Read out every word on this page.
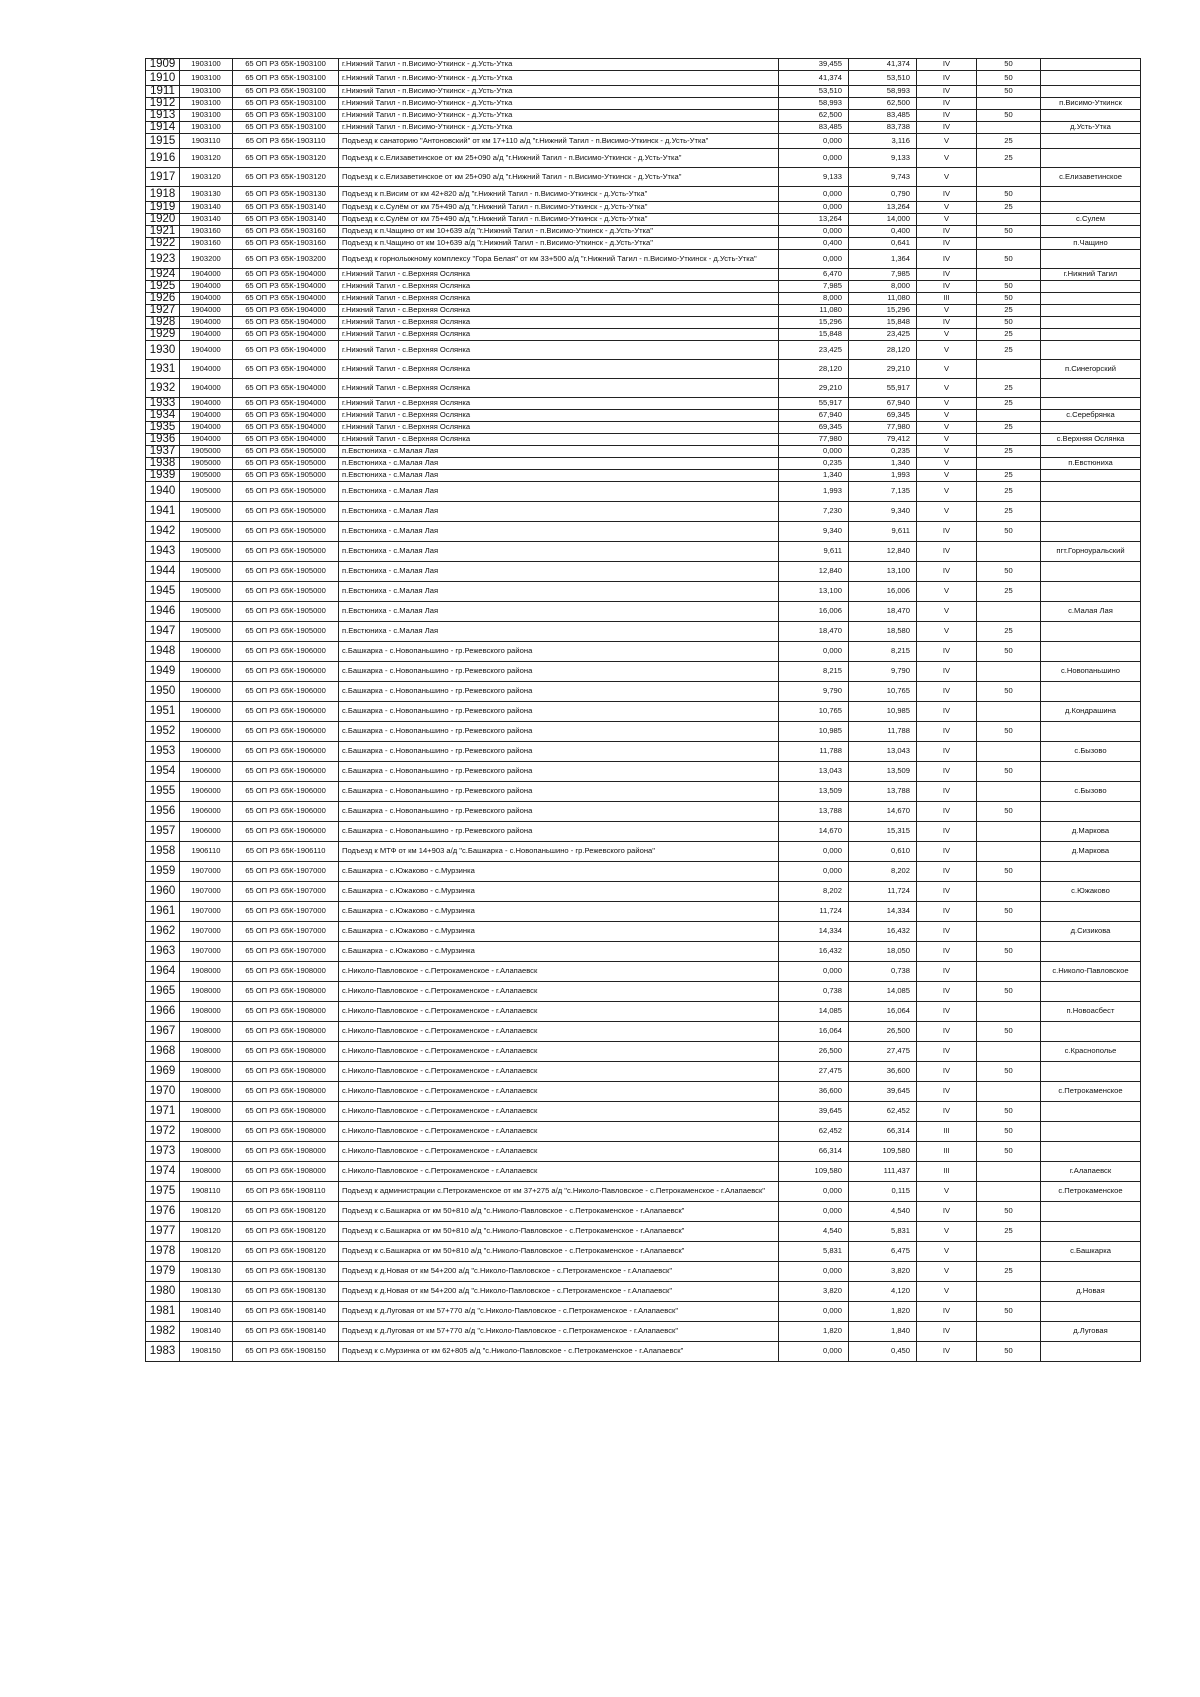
1909	1903100	65 ОП РЗ 65К-1903100	г.Нижний Тагил - п.Висимо-Уткинск - д.Усть-Утка	39,455	41,374	IV	50	
1910	1903100	65 ОП РЗ 65К-1903100	г.Нижний Тагил - п.Висимо-Уткинск - д.Усть-Утка	41,374	53,510	IV	50	
1911	1903100	65 ОП РЗ 65К-1903100	г.Нижний Тагил - п.Висимо-Уткинск - д.Усть-Утка	53,510	58,993	IV	50	
1912	1903100	65 ОП РЗ 65К-1903100	г.Нижний Тагил - п.Висимо-Уткинск - д.Усть-Утка	58,993	62,500	IV		п.Висимо-Уткинск
1913	1903100	65 ОП РЗ 65К-1903100	г.Нижний Тагил - п.Висимо-Уткинск - д.Усть-Утка	62,500	83,485	IV	50	
1914	1903100	65 ОП РЗ 65К-1903100	г.Нижний Тагил - п.Висимо-Уткинск - д.Усть-Утка	83,485	83,738	IV		д.Усть-Утка
1915	1903110	65 ОП РЗ 65К-1903110	Подъезд к санаторию "Антоновский" от км 17+110 а/д "г.Нижний Тагил - п.Висимо-Уткинск - д.Усть-Утка"	0,000	3,116	V	25	
1916	1903120	65 ОП РЗ 65К-1903120	Подъезд к с.Елизаветинское от км 25+090 а/д "г.Нижний Тагил - п.Висимо-Уткинск - д.Усть-Утка"	0,000	9,133	V	25	
1917	1903120	65 ОП РЗ 65К-1903120	Подъезд к с.Елизаветинское от км 25+090 а/д "г.Нижний Тагил - п.Висимо-Уткинск - д.Усть-Утка"	9,133	9,743	V		с.Елизаветинское
1918	1903130	65 ОП РЗ 65К-1903130	Подъезд к п.Висим от км 42+820 а/д "г.Нижний Тагил - п.Висимо-Уткинск - д.Усть-Утка"	0,000	0,790	IV	50	
1919	1903140	65 ОП РЗ 65К-1903140	Подъезд к с.Сулём от км 75+490 а/д "г.Нижний Тагил - п.Висимо-Уткинск - д.Усть-Утка"	0,000	13,264	V	25	
1920	1903140	65 ОП РЗ 65К-1903140	Подъезд к с.Сулём от км 75+490 а/д "г.Нижний Тагил - п.Висимо-Уткинск - д.Усть-Утка"	13,264	14,000	V		с.Сулем
1921	1903160	65 ОП РЗ 65К-1903160	Подъезд к п.Чащино от км 10+639 а/д "г.Нижний Тагил - п.Висимо-Уткинск - д.Усть-Утка"	0,000	0,400	IV	50	
1922	1903160	65 ОП РЗ 65К-1903160	Подъезд к п.Чащино от км 10+639 а/д "г.Нижний Тагил - п.Висимо-Уткинск - д.Усть-Утка"	0,400	0,641	IV		п.Чащино
1923	1903200	65 ОП РЗ 65К-1903200	Подъезд к горнолыжному комплексу "Гора Белая" от км 33+500 а/д "г.Нижний Тагил - п.Висимо-Уткинск - д.Усть-Утка"	0,000	1,364	IV	50	
1924	1904000	65 ОП РЗ 65К-1904000	г.Нижний Тагил - с.Верхняя Ослянка	6,470	7,985	IV		г.Нижний Тагил
1925	1904000	65 ОП РЗ 65К-1904000	г.Нижний Тагил - с.Верхняя Ослянка	7,985	8,000	IV	50	
1926	1904000	65 ОП РЗ 65К-1904000	г.Нижний Тагил - с.Верхняя Ослянка	8,000	11,080	III	50	
1927	1904000	65 ОП РЗ 65К-1904000	г.Нижний Тагил - с.Верхняя Ослянка	11,080	15,296	V	25	
1928	1904000	65 ОП РЗ 65К-1904000	г.Нижний Тагил - с.Верхняя Ослянка	15,296	15,848	IV	50	
1929	1904000	65 ОП РЗ 65К-1904000	г.Нижний Тагил - с.Верхняя Ослянка	15,848	23,425	V	25	
1930	1904000	65 ОП РЗ 65К-1904000	г.Нижний Тагил - с.Верхняя Ослянка	23,425	28,120	V	25	
1931	1904000	65 ОП РЗ 65К-1904000	г.Нижний Тагил - с.Верхняя Ослянка	28,120	29,210	V		п.Синегорский
1932	1904000	65 ОП РЗ 65К-1904000	г.Нижний Тагил - с.Верхняя Ослянка	29,210	55,917	V	25	
1933	1904000	65 ОП РЗ 65К-1904000	г.Нижний Тагил - с.Верхняя Ослянка	55,917	67,940	V	25	
1934	1904000	65 ОП РЗ 65К-1904000	г.Нижний Тагил - с.Верхняя Ослянка	67,940	69,345	V		с.Серебрянка
1935	1904000	65 ОП РЗ 65К-1904000	г.Нижний Тагил - с.Верхняя Ослянка	69,345	77,980	V	25	
1936	1904000	65 ОП РЗ 65К-1904000	г.Нижний Тагил - с.Верхняя Ослянка	77,980	79,412	V		с.Верхняя Ослянка
1937	1905000	65 ОП РЗ 65К-1905000	п.Евстюниха - с.Малая Лая	0,000	0,235	V	25	
1938	1905000	65 ОП РЗ 65К-1905000	п.Евстюниха - с.Малая Лая	0,235	1,340	V		п.Евстюниха
1939	1905000	65 ОП РЗ 65К-1905000	п.Евстюниха - с.Малая Лая	1,340	1,993	V	25	
1940	1905000	65 ОП РЗ 65К-1905000	п.Евстюниха - с.Малая Лая	1,993	7,135	V	25	
1941	1905000	65 ОП РЗ 65К-1905000	п.Евстюниха - с.Малая Лая	7,230	9,340	V	25	
1942	1905000	65 ОП РЗ 65К-1905000	п.Евстюниха - с.Малая Лая	9,340	9,611	IV	50	
1943	1905000	65 ОП РЗ 65К-1905000	п.Евстюниха - с.Малая Лая	9,611	12,840	IV		пгт.Горноуральский
1944	1905000	65 ОП РЗ 65К-1905000	п.Евстюниха - с.Малая Лая	12,840	13,100	IV	50	
1945	1905000	65 ОП РЗ 65К-1905000	п.Евстюниха - с.Малая Лая	13,100	16,006	V	25	
1946	1905000	65 ОП РЗ 65К-1905000	п.Евстюниха - с.Малая Лая	16,006	18,470	V		с.Малая Лая
1947	1905000	65 ОП РЗ 65К-1905000	п.Евстюниха - с.Малая Лая	18,470	18,580	V	25	
1948	1906000	65 ОП РЗ 65К-1906000	с.Башкарка - с.Новопаньшино - гр.Режевского района	0,000	8,215	IV	50	
1949	1906000	65 ОП РЗ 65К-1906000	с.Башкарка - с.Новопаньшино - гр.Режевского района	8,215	9,790	IV		с.Новопаньшино
1950	1906000	65 ОП РЗ 65К-1906000	с.Башкарка - с.Новопаньшино - гр.Режевского района	9,790	10,765	IV	50	
1951	1906000	65 ОП РЗ 65К-1906000	с.Башкарка - с.Новопаньшино - гр.Режевского района	10,765	10,985	IV		д.Кондрашина
1952	1906000	65 ОП РЗ 65К-1906000	с.Башкарка - с.Новопаньшино - гр.Режевского района	10,985	11,788	IV	50	
1953	1906000	65 ОП РЗ 65К-1906000	с.Башкарка - с.Новопаньшино - гр.Режевского района	11,788	13,043	IV		с.Бызово
1954	1906000	65 ОП РЗ 65К-1906000	с.Башкарка - с.Новопаньшино - гр.Режевского района	13,043	13,509	IV	50	
1955	1906000	65 ОП РЗ 65К-1906000	с.Башкарка - с.Новопаньшино - гр.Режевского района	13,509	13,788	IV		с.Бызово
1956	1906000	65 ОП РЗ 65К-1906000	с.Башкарка - с.Новопаньшино - гр.Режевского района	13,788	14,670	IV	50	
1957	1906000	65 ОП РЗ 65К-1906000	с.Башкарка - с.Новопаньшино - гр.Режевского района	14,670	15,315	IV		д.Маркова
1958	1906110	65 ОП РЗ 65К-1906110	Подъезд к МТФ от км 14+903 а/д "с.Башкарка - с.Новопаньшино - гр.Режевского района"	0,000	0,610	IV		д.Маркова
1959	1907000	65 ОП РЗ 65К-1907000	с.Башкарка - с.Южаково - с.Мурзинка	0,000	8,202	IV	50	
1960	1907000	65 ОП РЗ 65К-1907000	с.Башкарка - с.Южаково - с.Мурзинка	8,202	11,724	IV		с.Южаково
1961	1907000	65 ОП РЗ 65К-1907000	с.Башкарка - с.Южаково - с.Мурзинка	11,724	14,334	IV	50	
1962	1907000	65 ОП РЗ 65К-1907000	с.Башкарка - с.Южаково - с.Мурзинка	14,334	16,432	IV		д.Сизикова
1963	1907000	65 ОП РЗ 65К-1907000	с.Башкарка - с.Южаково - с.Мурзинка	16,432	18,050	IV	50	
1964	1908000	65 ОП РЗ 65К-1908000	с.Николо-Павловское - с.Петрокаменское - г.Алапаевск	0,000	0,738	IV		с.Николо-Павловское
1965	1908000	65 ОП РЗ 65К-1908000	с.Николо-Павловское - с.Петрокаменское - г.Алапаевск	0,738	14,085	IV	50	
1966	1908000	65 ОП РЗ 65К-1908000	с.Николо-Павловское - с.Петрокаменское - г.Алапаевск	14,085	16,064	IV		п.Новоасбест
1967	1908000	65 ОП РЗ 65К-1908000	с.Николо-Павловское - с.Петрокаменское - г.Алапаевск	16,064	26,500	IV	50	
1968	1908000	65 ОП РЗ 65К-1908000	с.Николо-Павловское - с.Петрокаменское - г.Алапаевск	26,500	27,475	IV		с.Краснополье
1969	1908000	65 ОП РЗ 65К-1908000	с.Николо-Павловское - с.Петрокаменское - г.Алапаевск	27,475	36,600	IV	50	
1970	1908000	65 ОП РЗ 65К-1908000	с.Николо-Павловское - с.Петрокаменское - г.Алапаевск	36,600	39,645	IV		с.Петрокаменское
1971	1908000	65 ОП РЗ 65К-1908000	с.Николо-Павловское - с.Петрокаменское - г.Алапаевск	39,645	62,452	IV	50	
1972	1908000	65 ОП РЗ 65К-1908000	с.Николо-Павловское - с.Петрокаменское - г.Алапаевск	62,452	66,314	III	50	
1973	1908000	65 ОП РЗ 65К-1908000	с.Николо-Павловское - с.Петрокаменское - г.Алапаевск	66,314	109,580	III	50	
1974	1908000	65 ОП РЗ 65К-1908000	с.Николо-Павловское - с.Петрокаменское - г.Алапаевск	109,580	111,437	III		г.Алапаевск
1975	1908110	65 ОП РЗ 65К-1908110	Подъезд к администрации с.Петрокаменское от км 37+275 а/д "с.Николо-Павловское - с.Петрокаменское - г.Алапаевск"	0,000	0,115	V		с.Петрокаменское
1976	1908120	65 ОП РЗ 65К-1908120	Подъезд к с.Башкарка от км 50+810 а/д "с.Николо-Павловское - с.Петрокаменское - г.Алапаевск"	0,000	4,540	IV	50	
1977	1908120	65 ОП РЗ 65К-1908120	Подъезд к с.Башкарка от км 50+810 а/д "с.Николо-Павловское - с.Петрокаменское - г.Алапаевск"	4,540	5,831	V	25	
1978	1908120	65 ОП РЗ 65К-1908120	Подъезд к с.Башкарка от км 50+810 а/д "с.Николо-Павловское - с.Петрокаменское - г.Алапаевск"	5,831	6,475	V		с.Башкарка
1979	1908130	65 ОП РЗ 65К-1908130	Подъезд к д.Новая от км 54+200 а/д "с.Николо-Павловское - с.Петрокаменское - г.Алапаевск"	0,000	3,820	V	25	
1980	1908130	65 ОП РЗ 65К-1908130	Подъезд к д.Новая от км 54+200 а/д "с.Николо-Павловское - с.Петрокаменское - г.Алапаевск"	3,820	4,120	V		д.Новая
1981	1908140	65 ОП РЗ 65К-1908140	Подъезд к д.Луговая от км 57+770 а/д "с.Николо-Павловское - с.Петрокаменское - г.Алапаевск"	0,000	1,820	IV	50	
1982	1908140	65 ОП РЗ 65К-1908140	Подъезд к д.Луговая от км 57+770 а/д "с.Николо-Павловское - с.Петрокаменское - г.Алапаевск"	1,820	1,840	IV		д.Луговая
1983	1908150	65 ОП РЗ 65К-1908150	Подъезд к с.Мурзинка от км 62+805 а/д "с.Николо-Павловское - с.Петрокаменское - г.Алапаевск"	0,000	0,450	IV	50	
